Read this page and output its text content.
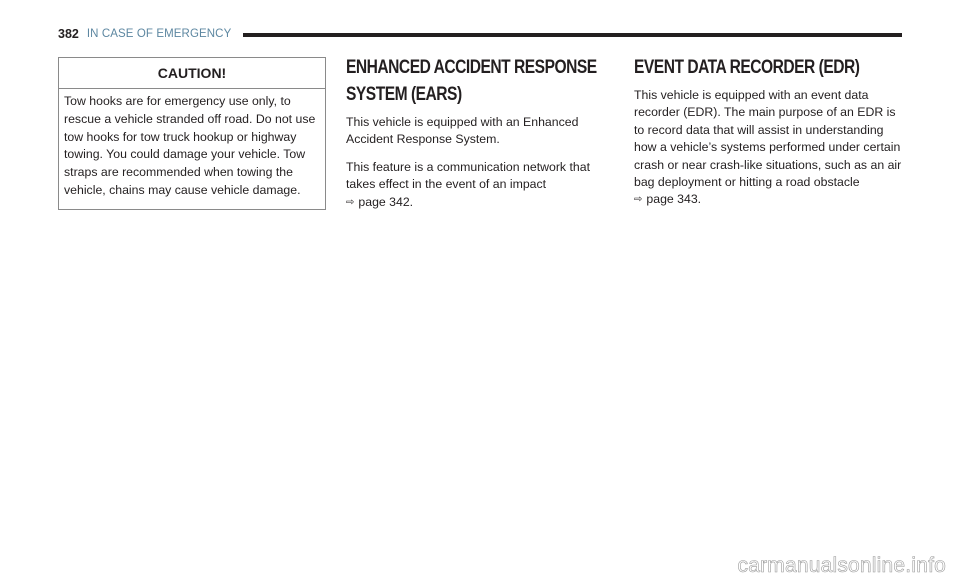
382 IN CASE OF EMERGENCY
CAUTION!
Tow hooks are for emergency use only, to rescue a vehicle stranded off road. Do not use tow hooks for tow truck hookup or highway towing. You could damage your vehicle. Tow straps are recommended when towing the vehicle, chains may cause vehicle damage.
ENHANCED ACCIDENT RESPONSE SYSTEM (EARS)

This vehicle is equipped with an Enhanced Accident Response System.

This feature is a communication network that takes effect in the event of an impact
⇨ page 342.

EVENT DATA RECORDER (EDR)

This vehicle is equipped with an event data recorder (EDR). The main purpose of an EDR is to record data that will assist in understanding how a vehicle’s systems performed under certain crash or near crash-like situations, such as an air bag deployment or hitting a road obstacle ⇨ page 343.

carmanualsonline.info
